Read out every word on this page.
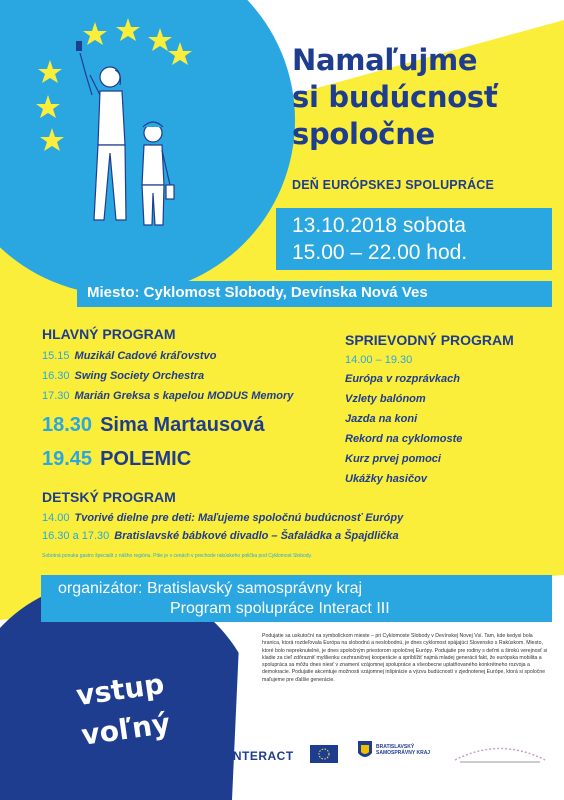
Namaľujme
si budúcnosť
spoločne
DEŇ EURÓPSKEJ SPOLUPRÁCE
13.10.2018 sobota
15.00 – 22.00 hod.
Miesto: Cyklomost Slobody, Devínska Nová Ves
HLAVNÝ PROGRAM
15.15 Muzikál Cadové kráľovstvo
16.30 Swing Society Orchestra
17.30 Marián Greksa s kapelou MODUS Memory
18.30 Sima Martausová
19.45 POLEMIC
SPRIEVODNÝ PROGRAM
14.00 – 19.30
Európa v rozprávkach
Vzlety balónom
Jazda na koni
Rekord na cyklomoste
Kurz prvej pomoci
Ukážky hasičov
DETSKÝ PROGRAM
14.00 Tvorivé dielne pre deti: Maľujeme spoločnú budúcnosť Európy
16.30 a 17.30 Bratislavské bábkové divadlo – Šafaládka a Špajdlička
Sobotná ponuka gastro špecialít z nášho regiónu. Pitie je v cenách v prechode rakúskeho polička pod Cyklomost Slobody.
organizátor: Bratislavský samosprávny kraj
Program spolupráce Interact III
vstup
voľný
Podujatie sa uskutoční na symbolickom mieste – pri Cyklomoste Slobody v Devínskej Novej Vsi. Tam, kde kedysi bola hranica, ktorá rozdeľovala Európa na slobodnú a neslobodnú, je dnes cyklomost spájajúci Slovensko s Rakúskom. Miesto, ktoré bolo nepreknutelné, je dnes spoločným priestorom spoločnej Európy. Podujatie pre rodiny s deťmi a širokú verejnosť si kladie za cieľ zdôrazniť myšlienku cezhraničnej kooperácie a spriblížiť najmä mladej generácii fakt, že európska mobilita a spolupráca sa môžu dnes niesť v znamení vzájomnej spolupráce a všeobecne uplatňovaného konkrétneho rozvoja a demokracie. Podujatie akcentuje možnosti vzájomnej inšpirácie a výzvu budúcností v zjednotenej Európe, ktorá si spoločne maľujeme pre ďalšie generácie.
INTERACT
BRATISLAVSKÝ SAMOSPRÁVNY KRAJ
